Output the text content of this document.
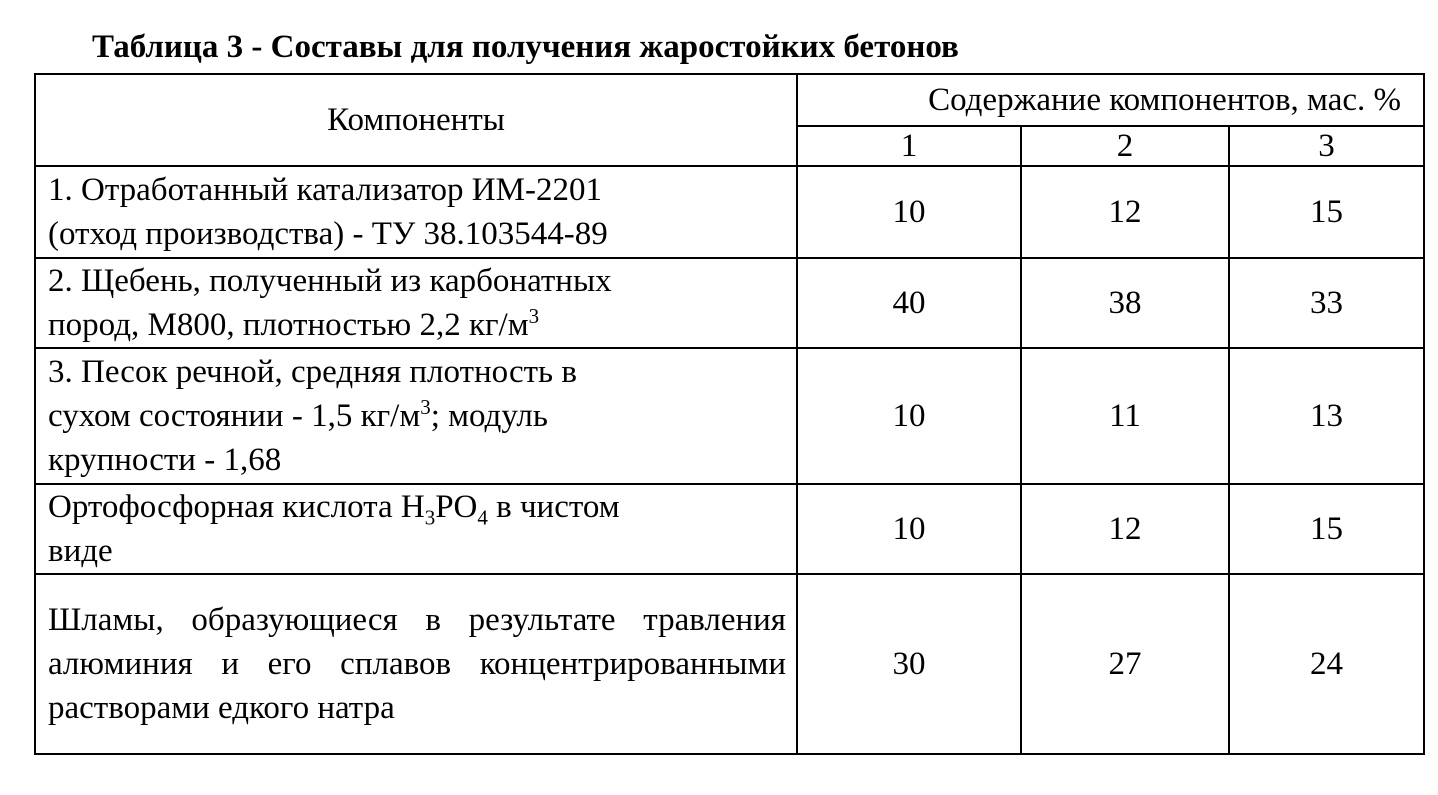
Таблица 3 - Составы для получения жаростойких бетонов
Компоненты	Содержание компонентов, мас. %		
	1	2	3
1. Отработанный катализатор ИМ-2201
(отход производства) - ТУ 38.103544-89	10	12	15
2. Щебень, полученный из карбонатных
пород, М800, плотностью 2,2 $кг/м^3$	40	38	33
3. Песок речной, средняя плотность в
сухом состоянии - 1,5 $кг/м^3$; модуль
крупности - 1,68	10	11	13
Ортофосфорная кислота $H_3PO_4$ в чистом
виде	10	12	15
Шламы, образующиеся в результате травления алюминия и его сплавов концентрированными растворами едкого натра	30	27	24
